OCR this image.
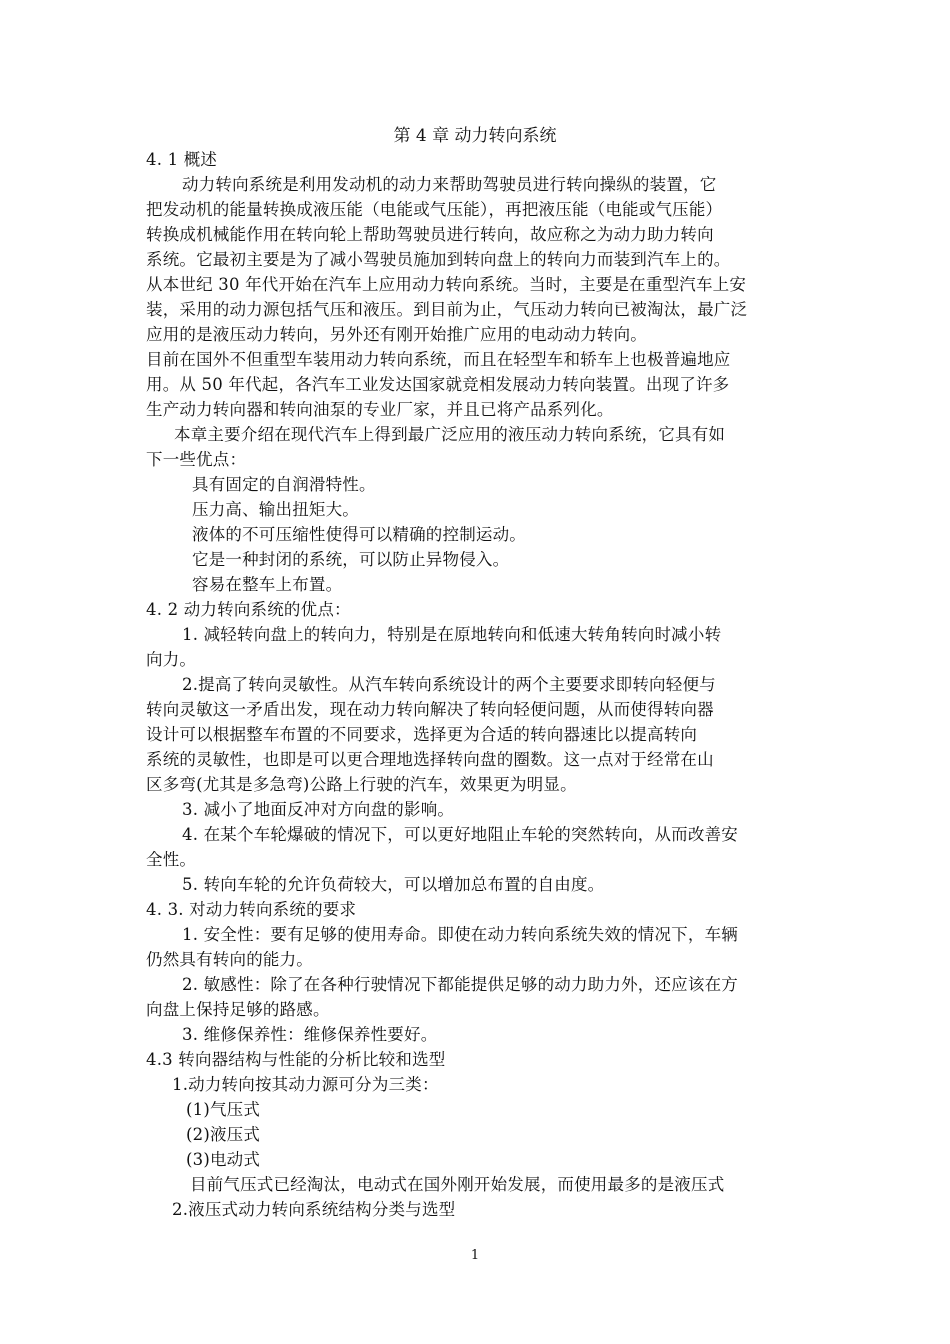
第 4 章 动力转向系统
4. 1 概述
动力转向系统是利用发动机的动力来帮助驾驶员进行转向操纵的装置，它
把发动机的能量转换成液压能（电能或气压能），再把液压能（电能或气压能）
转换成机械能作用在转向轮上帮助驾驶员进行转向，故应称之为动力助力转向
系统。它最初主要是为了减小驾驶员施加到转向盘上的转向力而装到汽车上的。
从本世纪 30 年代开始在汽车上应用动力转向系统。当时，主要是在重型汽车上安
装，采用的动力源包括气压和液压。到目前为止，气压动力转向已被淘汰，最广泛
应用的是液压动力转向，另外还有刚开始推广应用的电动动力转向。
目前在国外不但重型车装用动力转向系统，而且在轻型车和轿车上也极普遍地应
用。从 50 年代起，各汽车工业发达国家就竞相发展动力转向装置。出现了许多
生产动力转向器和转向油泵的专业厂家，并且已将产品系列化。
本章主要介绍在现代汽车上得到最广泛应用的液压动力转向系统，它具有如
下一些优点：
具有固定的自润滑特性。
压力高、输出扭矩大。
液体的不可压缩性使得可以精确的控制运动。
它是一种封闭的系统，可以防止异物侵入。
容易在整车上布置。
4. 2 动力转向系统的优点：
1. 减轻转向盘上的转向力，特别是在原地转向和低速大转角转向时减小转
向力。
2.提高了转向灵敏性。从汽车转向系统设计的两个主要要求即转向轻便与
转向灵敏这一矛盾出发，现在动力转向解决了转向轻便问题，从而使得转向器
设计可以根据整车布置的不同要求，选择更为合适的转向器速比以提高转向
系统的灵敏性，也即是可以更合理地选择转向盘的圈数。这一点对于经常在山
区多弯(尤其是多急弯)公路上行驶的汽车，效果更为明显。
3. 减小了地面反冲对方向盘的影响。
4. 在某个车轮爆破的情况下，可以更好地阻止车轮的突然转向，从而改善安
全性。
5. 转向车轮的允许负荷较大，可以增加总布置的自由度。
4. 3. 对动力转向系统的要求
1. 安全性：要有足够的使用寿命。即使在动力转向系统失效的情况下，车辆
仍然具有转向的能力。
2. 敏感性：除了在各种行驶情况下都能提供足够的动力助力外，还应该在方
向盘上保持足够的路感。
3. 维修保养性：维修保养性要好。
4.3 转向器结构与性能的分析比较和选型
1.动力转向按其动力源可分为三类：
(1)气压式
(2)液压式
(3)电动式
目前气压式已经淘汰，电动式在国外刚开始发展，而使用最多的是液压式
2.液压式动力转向系统结构分类与选型
1
